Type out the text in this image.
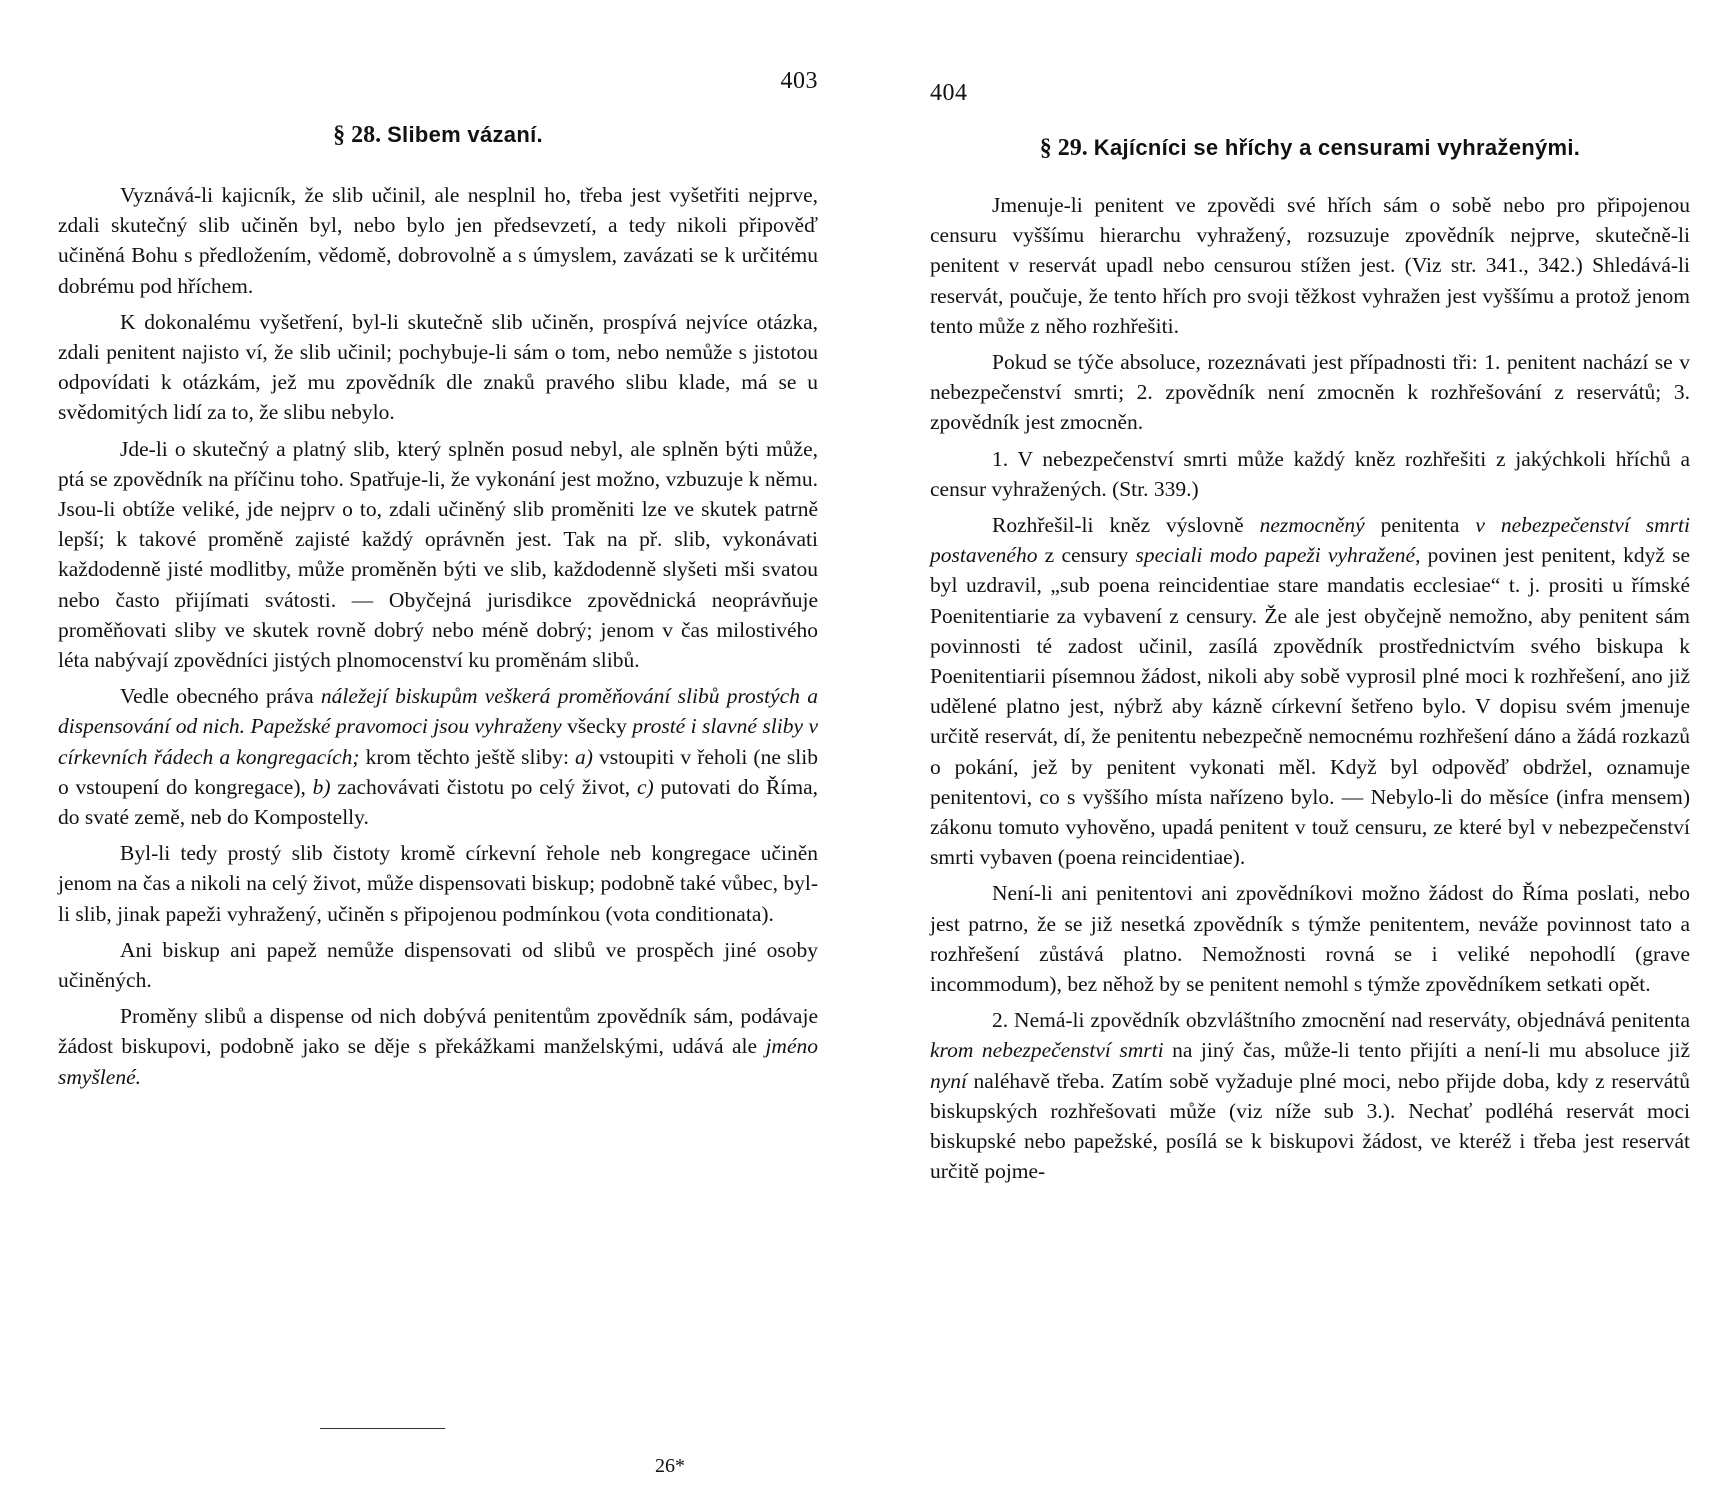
403
§ 28. Slibem vázaní.

Vyznává-li kajicník, že slib učinil, ale nesplnil ho, třeba jest vyšetřiti nejprve, zdali skutečný slib učiněn byl, nebo bylo jen předsevzetí, a tedy nikoli připověď učiněná Bohu s předložením, vědomě, dobrovolně a s úmyslem, zavázati se k určitému dobrému pod hříchem.

K dokonalému vyšetření, byl-li skutečně slib učiněn, prospívá nejvíce otázka, zdali penitent najisto ví, že slib učinil; pochybuje-li sám o tom, nebo nemůže s jistotou odpovídati k otázkám, jež mu zpovědník dle znaků pravého slibu klade, má se u svědomitých lidí za to, že slibu nebylo.

Jde-li o skutečný a platný slib, který splněn posud nebyl, ale splněn býti může, ptá se zpovědník na příčinu toho. Spatřuje-li, že vykonání jest možno, vzbuzuje k němu. Jsou-li obtíže veliké, jde nejprv o to, zdali učiněný slib proměniti lze ve skutek patrně lepší; k takové proměně zajisté každý oprávněn jest. Tak na př. slib, vykonávati každodenně jisté modlitby, může proměněn býti ve slib, každodenně slyšeti mši svatou nebo často přijímati svátosti. — Obyčejná jurisdikce zpovědnická neoprávňuje proměňovati sliby ve skutek rovně dobrý nebo méně dobrý; jenom v čas milostivého léta nabývají zpovědníci jistých plnomocenství ku proměnám slibů.

Vedle obecného práva náležejí biskupům veškerá proměňování slibů prostých a dispensování od nich. Papežské pravomoci jsou vyhraženy všecky prosté i slavné sliby v církevních řádech a kongregacích; krom těchto ještě sliby: a) vstoupiti v řeholi (ne slib o vstoupení do kongregace), b) zachovávati čistotu po celý život, c) putovati do Říma, do svaté země, neb do Kompostelly.

Byl-li tedy prostý slib čistoty kromě církevní řehole neb kongregace učiněn jenom na čas a nikoli na celý život, může dispensovati biskup; podobně také vůbec, byl-li slib, jinak papeži vyhražený, učiněn s připojenou podmínkou (vota conditionata).

Ani biskup ani papež nemůže dispensovati od slibů ve prospěch jiné osoby učiněných.

Proměny slibů a dispense od nich dobývá penitentům zpovědník sám, podávaje žádost biskupovi, podobně jako se děje s překážkami manželskými, udává ale jméno smyšlené.

26*
404
§ 29. Kajícníci se hříchy a censurami vyhraženými.

Jmenuje-li penitent ve zpovědi své hřích sám o sobě nebo pro připojenou censuru vyššímu hierarchu vyhražený, rozsuzuje zpovědník nejprve, skutečně-li penitent v reservát upadl nebo censurou stížen jest. (Viz str. 341., 342.) Shledává-li reservát, poučuje, že tento hřích pro svoji těžkost vyhražen jest vyššímu a protož jenom tento může z něho rozhřešiti.

Pokud se týče absoluce, rozeznávati jest případnosti tři: 1. penitent nachází se v nebezpečenství smrti; 2. zpovědník není zmocněn k rozhřešování z reservátů; 3. zpovědník jest zmocněn.

1. V nebezpečenství smrti může každý kněz rozhřešiti z jakýchkoli hříchů a censur vyhražených. (Str. 339.)

Rozhřešil-li kněz výslovně nezmocněný penitenta v nebezpečenství smrti postaveného z censury speciali modo papeži vyhražené, povinen jest penitent, když se byl uzdravil, „sub poena reincidentiae stare mandatis ecclesiae“ t. j. prositi u římské Poenitentiarie za vybavení z censury. Že ale jest obyčejně nemožno, aby penitent sám povinnosti té zadost učinil, zasílá zpovědník prostřednictvím svého biskupa k Poenitentiarii písemnou žádost, nikoli aby sobě vyprosil plné moci k rozhřešení, ano již udělené platno jest, nýbrž aby kázně církevní šetřeno bylo. V dopisu svém jmenuje určitě reservát, dí, že penitentu nebezpečně nemocnému rozhřešení dáno a žádá rozkazů o pokání, jež by penitent vykonati měl. Když byl odpověď obdržel, oznamuje penitentovi, co s vyššího místa nařízeno bylo. — Nebylo-li do měsíce (infra mensem) zákonu tomuto vyhověno, upadá penitent v touž censuru, ze které byl v nebezpečenství smrti vybaven (poena reincidentiae).

Není-li ani penitentovi ani zpovědníkovi možno žádost do Říma poslati, nebo jest patrno, že se již nesetká zpovědník s týmže penitentem, neváže povinnost tato a rozhřešení zůstává platno. Nemožnosti rovná se i veliké nepohodlí (grave incommodum), bez něhož by se penitent nemohl s týmže zpovědníkem setkati opět.

2. Nemá-li zpovědník obzvláštního zmocnění nad reserváty, objednává penitenta krom nebezpečenství smrti na jiný čas, může-li tento přijíti a není-li mu absoluce již nyní naléhavě třeba. Zatím sobě vyžaduje plné moci, nebo přijde doba, kdy z reservátů biskupských rozhřešovati může (viz níže sub 3.). Nechať podléhá reservát moci biskupské nebo papežské, posílá se k biskupovi žádost, ve kteréž i třeba jest reservát určitě pojme-
